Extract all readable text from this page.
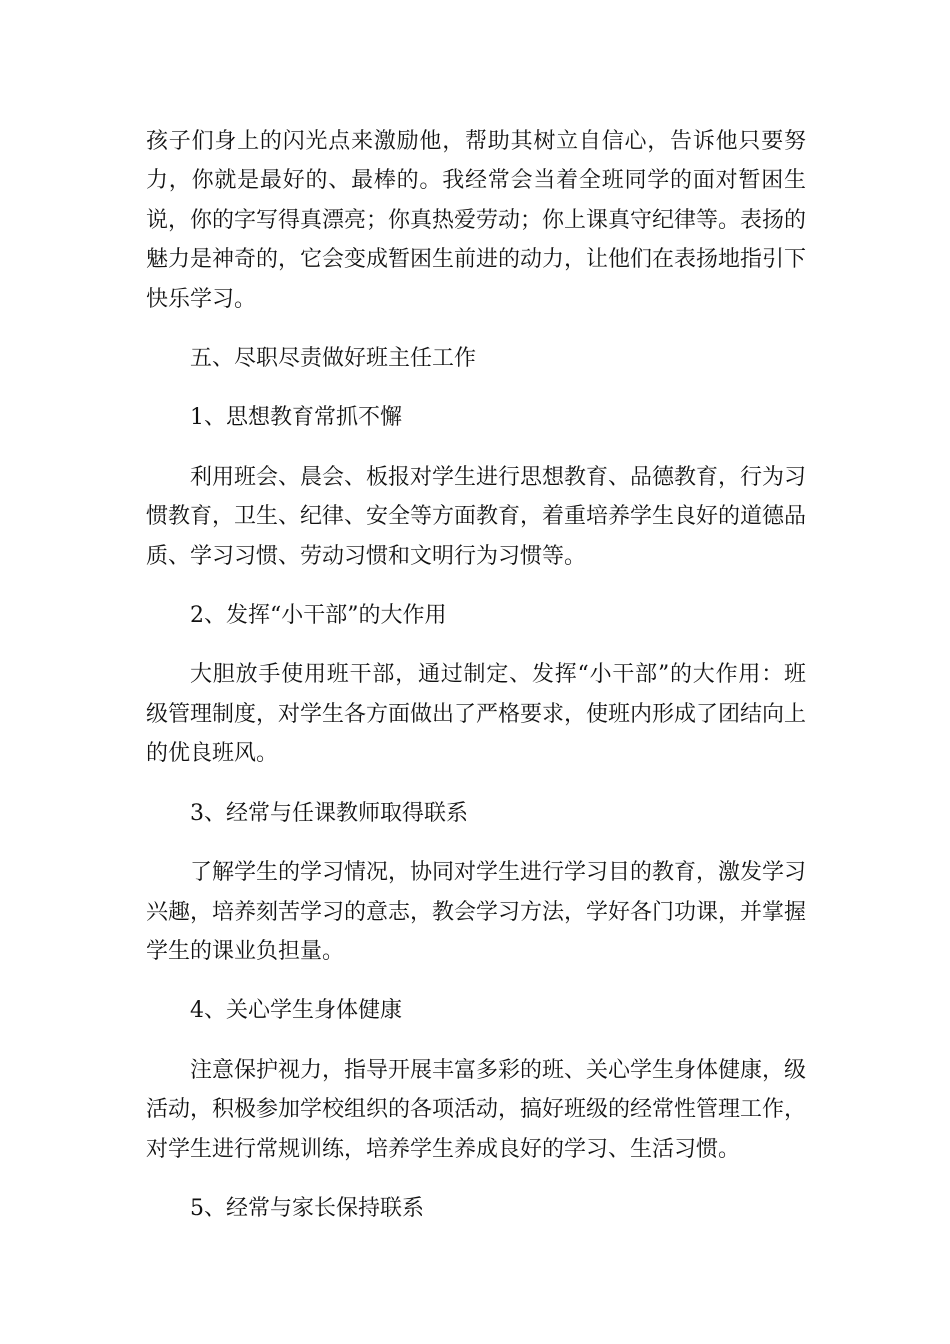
孩子们身上的闪光点来激励他，帮助其树立自信心，告诉他只要努力，你就是最好的、最棒的。我经常会当着全班同学的面对暂困生说，你的字写得真漂亮；你真热爱劳动；你上课真守纪律等。表扬的魅力是神奇的，它会变成暂困生前进的动力，让他们在表扬地指引下快乐学习。

五、尽职尽责做好班主任工作

1、思想教育常抓不懈

利用班会、晨会、板报对学生进行思想教育、品德教育，行为习惯教育，卫生、纪律、安全等方面教育，着重培养学生良好的道德品质、学习习惯、劳动习惯和文明行为习惯等。

2、发挥“小干部”的大作用

大胆放手使用班干部，通过制定、发挥“小干部”的大作用：班级管理制度，对学生各方面做出了严格要求，使班内形成了团结向上的优良班风。

3、经常与任课教师取得联系

了解学生的学习情况，协同对学生进行学习目的教育，激发学习兴趣，培养刻苦学习的意志，教会学习方法，学好各门功课，并掌握学生的课业负担量。

4、关心学生身体健康

注意保护视力，指导开展丰富多彩的班、关心学生身体健康，级活动，积极参加学校组织的各项活动，搞好班级的经常性管理工作，对学生进行常规训练，培养学生养成良好的学习、生活习惯。

5、经常与家长保持联系
